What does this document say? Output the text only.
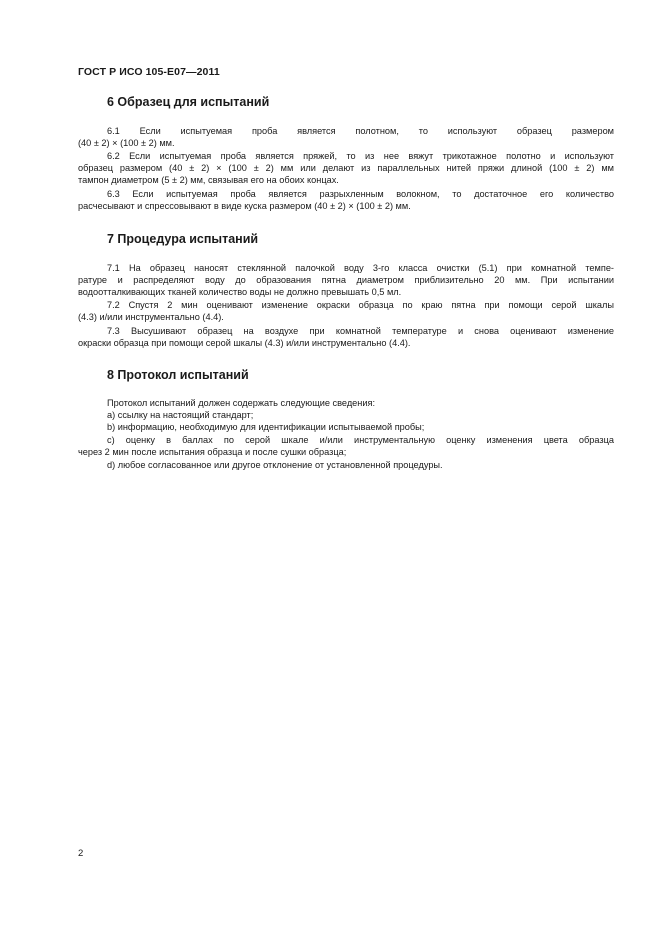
ГОСТ Р ИСО 105-Е07—2011
6 Образец для испытаний
6.1 Если испытуемая проба является полотном, то используют образец размером
(40 ± 2) × (100 ± 2) мм.
6.2 Если испытуемая проба является пряжей, то из нее вяжут трикотажное полотно и используют
образец размером (40 ± 2) × (100 ± 2) мм или делают из параллельных нитей пряжи длиной (100 ± 2) мм
тампон диаметром (5 ± 2) мм, связывая его на обоих концах.
6.3 Если испытуемая проба является разрыхленным волокном, то достаточное его количество
расчесывают и спрессовывают в виде куска размером (40 ± 2) × (100 ± 2) мм.
7 Процедура испытаний
7.1 На образец наносят стеклянной палочкой воду 3-го класса очистки (5.1) при комнатной темпе-
ратуре и распределяют воду до образования пятна диаметром приблизительно 20 мм. При испытании
водоотталкивающих тканей количество воды не должно превышать 0,5 мл.
7.2 Спустя 2 мин оценивают изменение окраски образца по краю пятна при помощи серой шкалы
(4.3) и/или инструментально (4.4).
7.3 Высушивают образец на воздухе при комнатной температуре и снова оценивают изменение
окраски образца при помощи серой шкалы (4.3) и/или инструментально (4.4).
8 Протокол испытаний
Протокол испытаний должен содержать следующие сведения:
a) ссылку на настоящий стандарт;
b) информацию, необходимую для идентификации испытываемой пробы;
c) оценку в баллах по серой шкале и/или инструментальную оценку изменения цвета образца
через 2 мин после испытания образца и после сушки образца;
d) любое согласованное или другое отклонение от установленной процедуры.
2
